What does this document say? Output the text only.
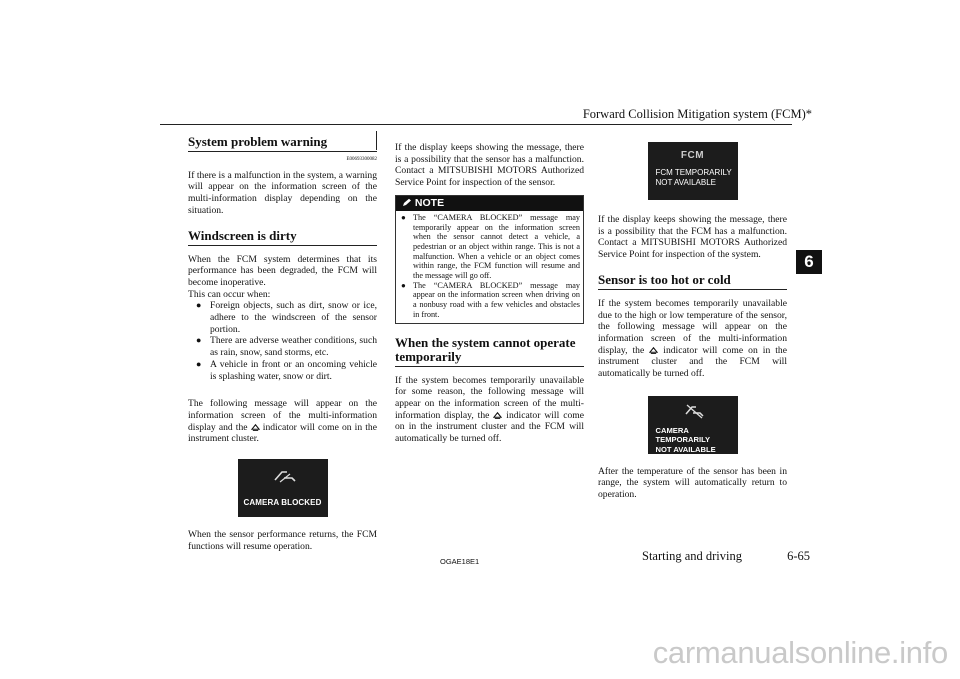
Forward Collision Mitigation system (FCM)*
6
System problem warning
E00693300082

If there is a malfunction in the system, a warning will appear on the information screen of the multi-information display depending on the situation.

Windscreen is dirty

When the FCM system determines that its performance has been degraded, the FCM will become inoperative.

This can occur when:

● Foreign objects, such as dirt, snow or ice, adhere to the windscreen of the sensor portion.
● There are adverse weather conditions, such as rain, snow, sand storms, etc.
● A vehicle in front or an oncoming vehicle is splashing water, snow or dirt.

The following message will appear on the information screen of the multi-information display and the indicator will come on in the instrument cluster.

CAMERA BLOCKED

When the sensor performance returns, the FCM functions will resume operation.

If the display keeps showing the message, there is a possibility that the sensor has a malfunction. Contact a MITSUBISHI MOTORS Authorized Service Point for inspection of the sensor.

NOTE
● The “CAMERA BLOCKED” message may temporarily appear on the information screen when the sensor cannot detect a vehicle, a pedestrian or an object within range. This is not a malfunction. When a vehicle or an object comes within range, the FCM function will resume and the message will go off.
● The “CAMERA BLOCKED” message may appear on the information screen when driving on a nonbusy road with a few vehicles and obstacles in front.
When the system cannot operate temporarily

If the system becomes temporarily unavailable for some reason, the following message will appear on the information screen of the multi-information display, the indicator will come on in the instrument cluster and the FCM will automatically be turned off.

FCM
FCM TEMPORARILY
NOT AVAILABLE

If the display keeps showing the message, there is a possibility that the FCM has a malfunction. Contact a MITSUBISHI MOTORS Authorized Service Point for inspection of the system.

Sensor is too hot or cold

If the system becomes temporarily unavailable due to the high or low temperature of the sensor, the following message will appear on the information screen of the multi-information display, the indicator will come on in the instrument cluster and the FCM will automatically be turned off.

CAMERA TEMPORARILY
NOT AVAILABLE

After the temperature of the sensor has been in range, the system will automatically return to operation.

OGAE18E1	Starting and driving	6-65
carmanualsonline.info
